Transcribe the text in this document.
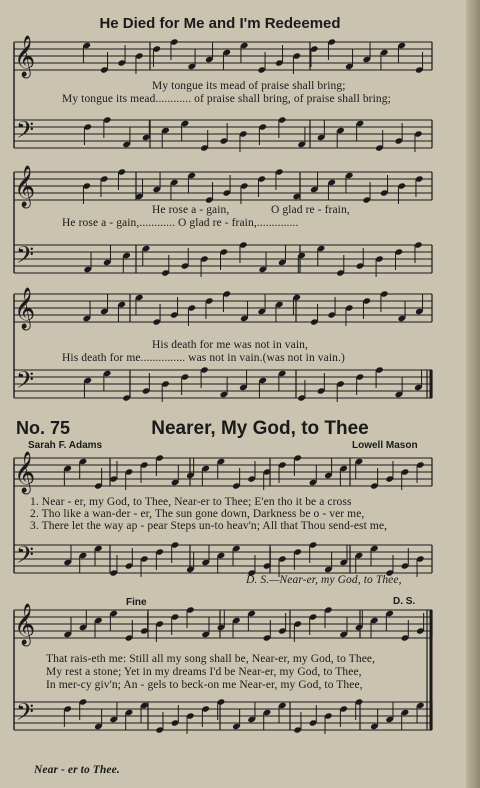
𝄞
𝄢
𝄞
𝄢
𝄞
𝄢
𝄞
𝄢
𝄞
𝄢
He Died for Me and I'm Redeemed
My tongue its mead of praise shall bring;
My tongue its mead............ of praise shall bring, of praise shall bring;
He rose a - gain,              O glad re - frain,
He rose a - gain,............ O glad re - frain,..............
His death for me was not in vain,
His death for me............... was not in vain.(was not in vain.)
No. 75	Nearer, My God, to Thee
Sarah F. Adams	Lowell Mason
1. Near - er, my God, to Thee, Near-er to Thee; E'en tho it be a cross
2. Tho like a wan-der - er, The sun gone down, Darkness be o - ver me,
3. There let the way ap - pear Steps un-to heav'n; All that Thou send-est me,
D. S.—Near-er, my God, to Thee,
Fine	D. S.
That rais-eth me: Still all my song shall be, Near-er, my God, to Thee,
My rest a stone; Yet in my dreams I'd be Near-er, my God, to Thee,
In mer-cy giv'n; An - gels to beck-on me Near-er, my God, to Thee,
Near - er to Thee.
